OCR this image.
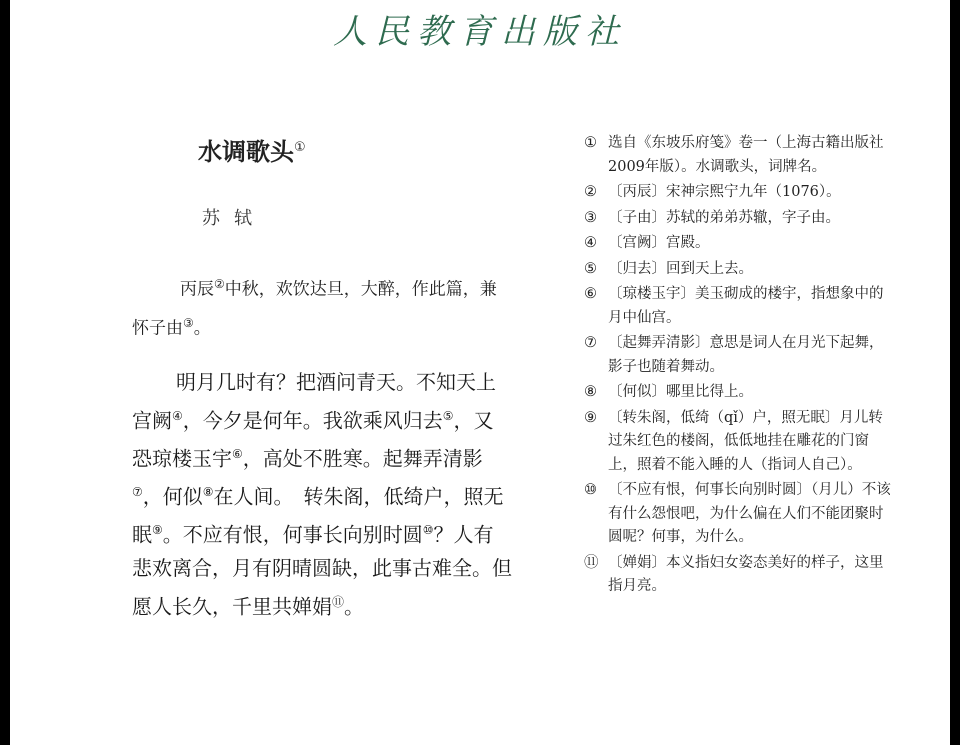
人民教育出版社
水调歌头①
苏轼
丙辰②中秋，欢饮达旦，大醉，作此篇，兼怀子由③。
明月几时有？把酒问青天。不知天上宫阙④，今夕是何年。我欲乘风归去⑤，又恐琼楼玉宇⑥，高处不胜寒。起舞弄清影⑦，何似⑧在人间。　转朱阁，低绮户，照无眠⑨。不应有恨，何事长向别时圆⑩？人有悲欢离合，月有阴晴圆缺，此事古难全。但愿人长久，千里共婵娟⑪。
① 选自《东坡乐府笺》卷一（上海古籍出版社2009年版）。水调歌头，词牌名。
② 〔丙辰〕宋神宗熙宁九年（1076）。
③ 〔子由〕苏轼的弟弟苏辙，字子由。
④ 〔宫阙〕宫殿。
⑤ 〔归去〕回到天上去。
⑥ 〔琼楼玉宇〕美玉砌成的楼宇，指想象中的月中仙宫。
⑦ 〔起舞弄清影〕意思是词人在月光下起舞，影子也随着舞动。
⑧ 〔何似〕哪里比得上。
⑨ 〔转朱阁，低绮（qǐ）户，照无眠〕月儿转过朱红色的楼阁，低低地挂在雕花的门窗上，照着不能入睡的人（指词人自己）。
⑩ 〔不应有恨，何事长向别时圆〕（月儿）不该有什么怨恨吧，为什么偏在人们不能团聚时圆呢？何事，为什么。
⑪ 〔婵娟〕本义指妇女姿态美好的样子，这里指月亮。
